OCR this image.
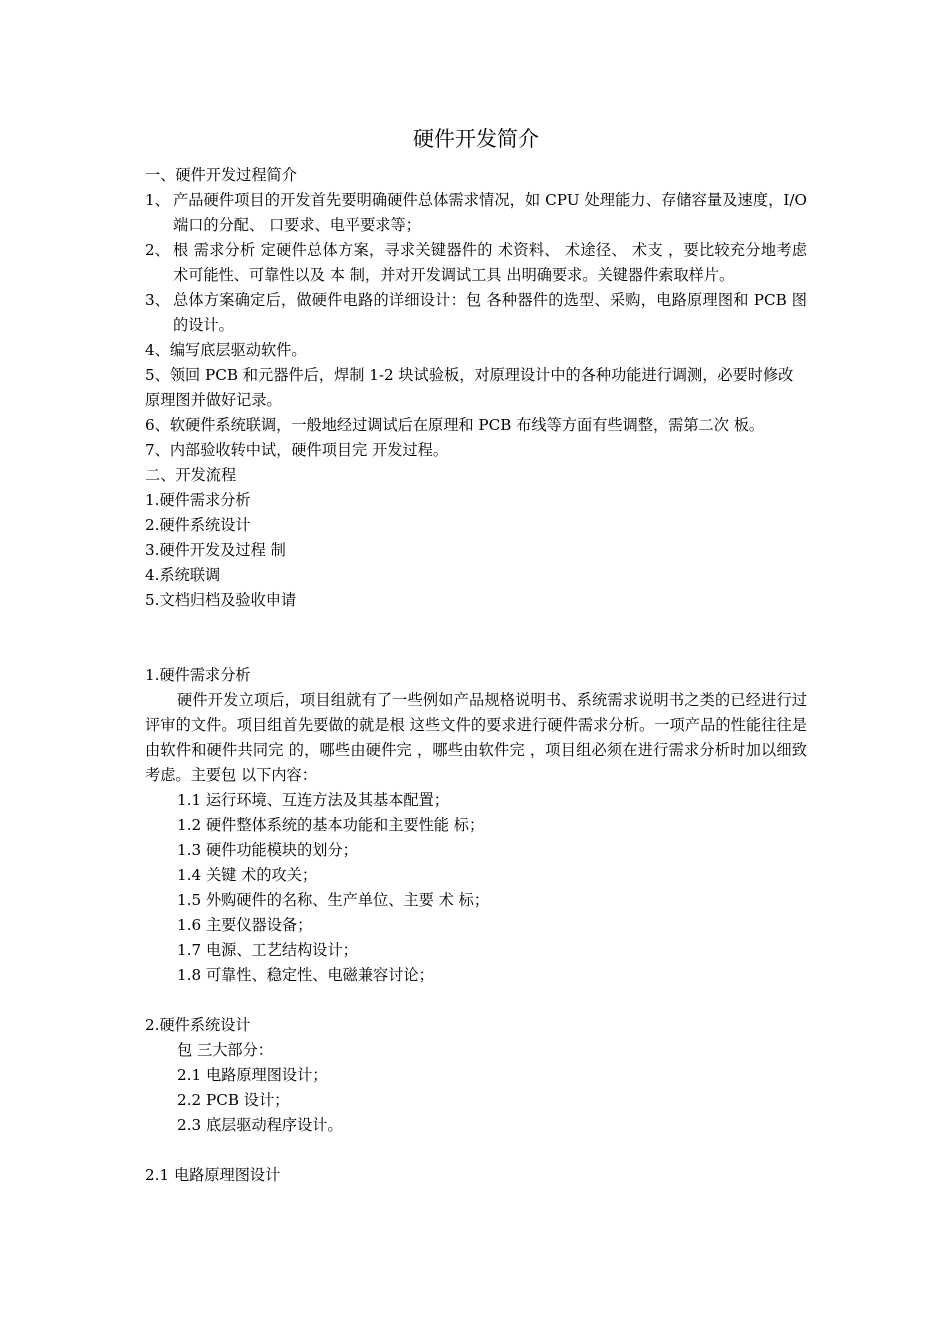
硬件开发简介
一、硬件开发过程简介
1、 产品硬件项目的开发首先要明确硬件总体需求情况，如 CPU 处理能力、存储容量及速度，I/O 端口的分配、 口要求、电平要求等；
2、 根 需求分析 定硬件总体方案，寻求关键器件的 术资料、 术途径、 术支 ，要比较充分地考虑 术可能性、可靠性以及 本 制，并对开发调试工具 出明确要求。关键器件索取样片。
3、 总体方案确定后，做硬件电路的详细设计：包 各种器件的选型、采购，电路原理图和 PCB 图的设计。
4、编写底层驱动软件。
5、领回 PCB 和元器件后，焊制 1-2 块试验板，对原理设计中的各种功能进行调测，必要时修改原理图并做好记录。
6、软硬件系统联调，一般地经过调试后在原理和 PCB 布线等方面有些调整，需第二次 板。
7、内部验收转中试，硬件项目完 开发过程。
二、开发流程
1.硬件需求分析
2.硬件系统设计
3.硬件开发及过程 制
4.系统联调
5.文档归档及验收申请
1.硬件需求分析
硬件开发立项后，项目组就有了一些例如产品规格说明书、系统需求说明书之类的已经进行过评审的文件。项目组首先要做的就是根 这些文件的要求进行硬件需求分析。一项产品的性能往往是由软件和硬件共同完 的，哪些由硬件完 ，哪些由软件完 ，项目组必须在进行需求分析时加以细致考虑。主要包 以下内容：
1.1 运行环境、互连方法及其基本配置；
1.2 硬件整体系统的基本功能和主要性能 标；
1.3 硬件功能模块的划分；
1.4 关键 术的攻关；
1.5 外购硬件的名称、生产单位、主要 术 标；
1.6 主要仪器设备；
1.7 电源、工艺结构设计；
1.8 可靠性、稳定性、电磁兼容讨论；
2.硬件系统设计
包 三大部分：
2.1 电路原理图设计；
2.2 PCB 设计；
2.3 底层驱动程序设计。
2.1 电路原理图设计
